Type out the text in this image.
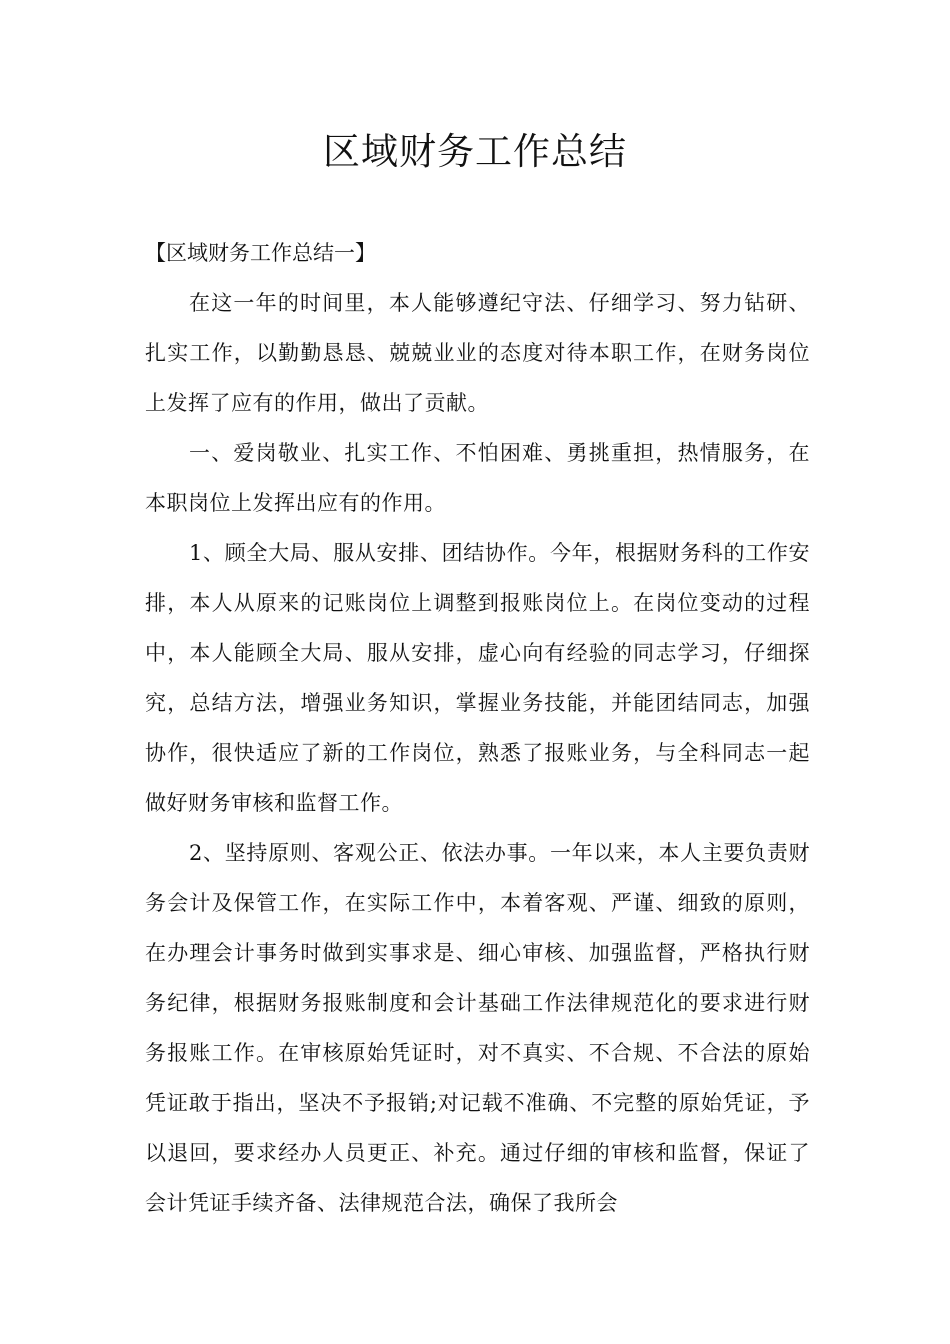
区域财务工作总结

【区域财务工作总结一】

在这一年的时间里，本人能够遵纪守法、仔细学习、努力钻研、扎实工作，以勤勤恳恳、兢兢业业的态度对待本职工作，在财务岗位上发挥了应有的作用，做出了贡献。

一、爱岗敬业、扎实工作、不怕困难、勇挑重担，热情服务，在本职岗位上发挥出应有的作用。

1、顾全大局、服从安排、团结协作。今年，根据财务科的工作安排，本人从原来的记账岗位上调整到报账岗位上。在岗位变动的过程中，本人能顾全大局、服从安排，虚心向有经验的同志学习，仔细探究，总结方法，增强业务知识，掌握业务技能，并能团结同志，加强协作，很快适应了新的工作岗位，熟悉了报账业务，与全科同志一起做好财务审核和监督工作。

2、坚持原则、客观公正、依法办事。一年以来，本人主要负责财务会计及保管工作，在实际工作中，本着客观、严谨、细致的原则，在办理会计事务时做到实事求是、细心审核、加强监督，严格执行财务纪律，根据财务报账制度和会计基础工作法律规范化的要求进行财务报账工作。在审核原始凭证时，对不真实、不合规、不合法的原始凭证敢于指出，坚决不予报销;对记载不准确、不完整的原始凭证，予以退回，要求经办人员更正、补充。通过仔细的审核和监督，保证了会计凭证手续齐备、法律规范合法，确保了我所会
